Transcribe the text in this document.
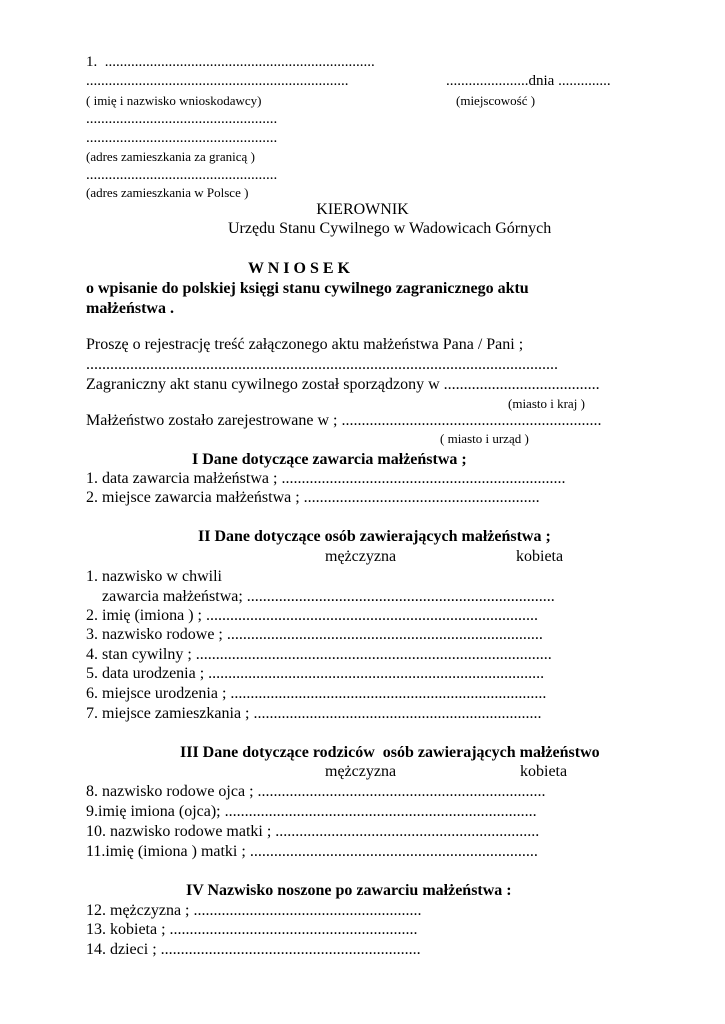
1.  ........................................................................
......................................................................	......................dnia ..............
( imię i nazwisko wnioskodawcy)	(miejscowość )
...................................................
...................................................
(adres zamieszkania za granicą )
...................................................
(adres zamieszkania w Polsce )
KIEROWNIK
Urzędu Stanu Cywilnego w Wadowicach Górnych
W N I O S E K
o wpisanie do polskiej księgi stanu cywilnego zagranicznego aktu
małżeństwa .
Proszę o rejestrację treść załączonego aktu małżeństwa Pana / Pani ;
......................................................................................................................
Zagraniczny akt stanu cywilnego został sporządzony w .......................................
(miasto i kraj )
Małżeństwo zostało zarejestrowane w ; .................................................................
( miasto i urząd )
I Dane dotyczące zawarcia małżeństwa ;
1. data zawarcia małżeństwa ; .......................................................................
2. miejsce zawarcia małżeństwa ; ...........................................................
II Dane dotyczące osób zawierających małżeństwa ;
mężczyzna	kobieta
1. nazwisko w chwili
zawarcia małżeństwa; .............................................................................
2. imię (imiona ) ; ...................................................................................
3. nazwisko rodowe ; ...............................................................................
4. stan cywilny ; .........................................................................................
5. data urodzenia ; ....................................................................................
6. miejsce urodzenia ; ...............................................................................
7. miejsce zamieszkania ; ........................................................................
III Dane dotyczące rodziców  osób zawierających małżeństwo
mężczyzna	kobieta
8. nazwisko rodowe ojca ; ........................................................................
9.imię imiona (ojca); ..............................................................................
10. nazwisko rodowe matki ; ..................................................................
11.imię (imiona ) matki ; ........................................................................
IV Nazwisko noszone po zawarciu małżeństwa :
12. mężczyzna ; .........................................................
13. kobieta ; ..............................................................
14. dzieci ; .................................................................
